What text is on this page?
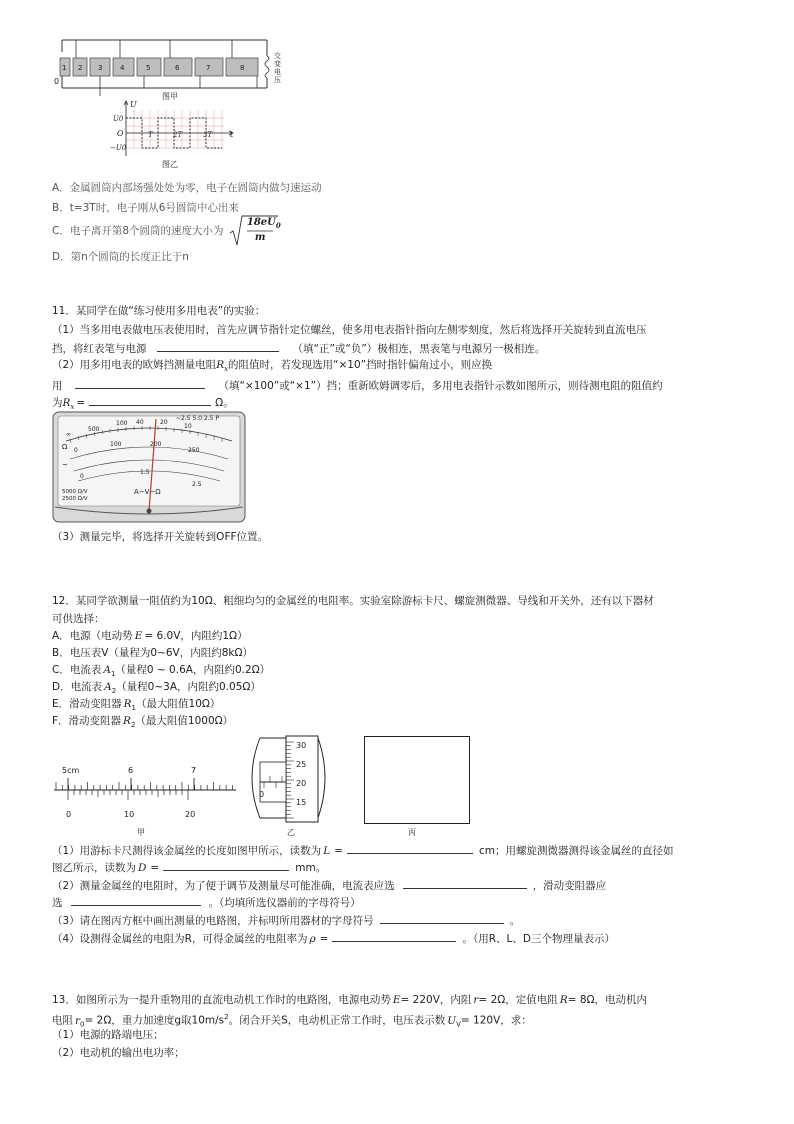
1 2 3	4	5	6	7	8
0
交变电压
图甲
U
U0
O
−U0
T	2T	3T t
图乙
A．金属圆筒内部场强处处为零，电子在圆筒内做匀速运动
B．t=3T时，电子刚从6号圆筒中心出来
C．电子离开第8个圆筒的速度大小为
$18eU_0$
m
D．第n个圆筒的长度正比于n
11．某同学在做“练习使用多用电表”的实验：
（1）当多用电表做电压表使用时，首先应调节指针定位螺丝，使多用电表指针指向左侧零刻度，然后将选择开关旋转到直流电压
挡，将红表笔与电源	（填“正”或“负”）极相连，黑表笔与电源另一极相连。
（2）用多用电表的欧姆挡测量电阻$R_x$的阻值时，若发现选用“×10”挡时指针偏角过小，则应换
用	（填“×100”或“×1”）挡；重新欧姆调零后，多用电表指针示数如图所示，则待测电阻的阻值约
为$R_x$ =	Ω。
∞
500
100 40	20
10
~2.5 5.0 2.5 P
0
100	200
250
Ω
~
0
1.5
2.5
A−V−Ω
5000 Ω/V
2500 Ω/V
（3）测量完毕，将选择开关旋转到OFF位置。
12．某同学欲测量一阻值约为10Ω、粗细均匀的金属丝的电阻率。实验室除游标卡尺、螺旋测微器、导线和开关外，还有以下器材
可供选择：
A．电源（电动势 E = 6.0V，内阻约1Ω）
B．电压表V（量程为0~6V，内阻约8kΩ）
C．电流表 $A_1$（量程0 ~ 0.6A，内阻约0.2Ω）
D．电流表 $A_2$（量程0~3A，内阻约0.05Ω）
E．滑动变阻器 $R_1$（最大阻值10Ω）
F．滑动变阻器 $R_2$（最大阻值1000Ω）
5cm	6	7
0	10	20
甲
30
25
20
15
0
乙	丙
（1）用游标卡尺测得该金属丝的长度如图甲所示，读数为 L =	cm；用螺旋测微器测得该金属丝的直径如
图乙所示，读数为 D =	mm。
（2）测量金属丝的电阻时，为了便于调节及测量尽可能准确，电流表应选	，滑动变阻器应
选	。（均填所选仪器前的字母符号）
（3）请在图丙方框中画出测量的电路图，并标明所用器材的字母符号	。
（4）设测得金属丝的电阻为R，可得金属丝的电阻率为 ρ =	。（用R、L、D三个物理量表示）
13．如图所示为一提升重物用的直流电动机工作时的电路图，电源电动势 E= 220V，内阻 r= 2Ω，定值电阻 R= 8Ω，电动机内
电阻 $r_0= 2\Omega$，重力加速度g取$10m/s^2$。闭合开关S，电动机正常工作时，电压表示数 $U_V= 120V$，求：
（1）电源的路端电压；
（2）电动机的输出电功率；
